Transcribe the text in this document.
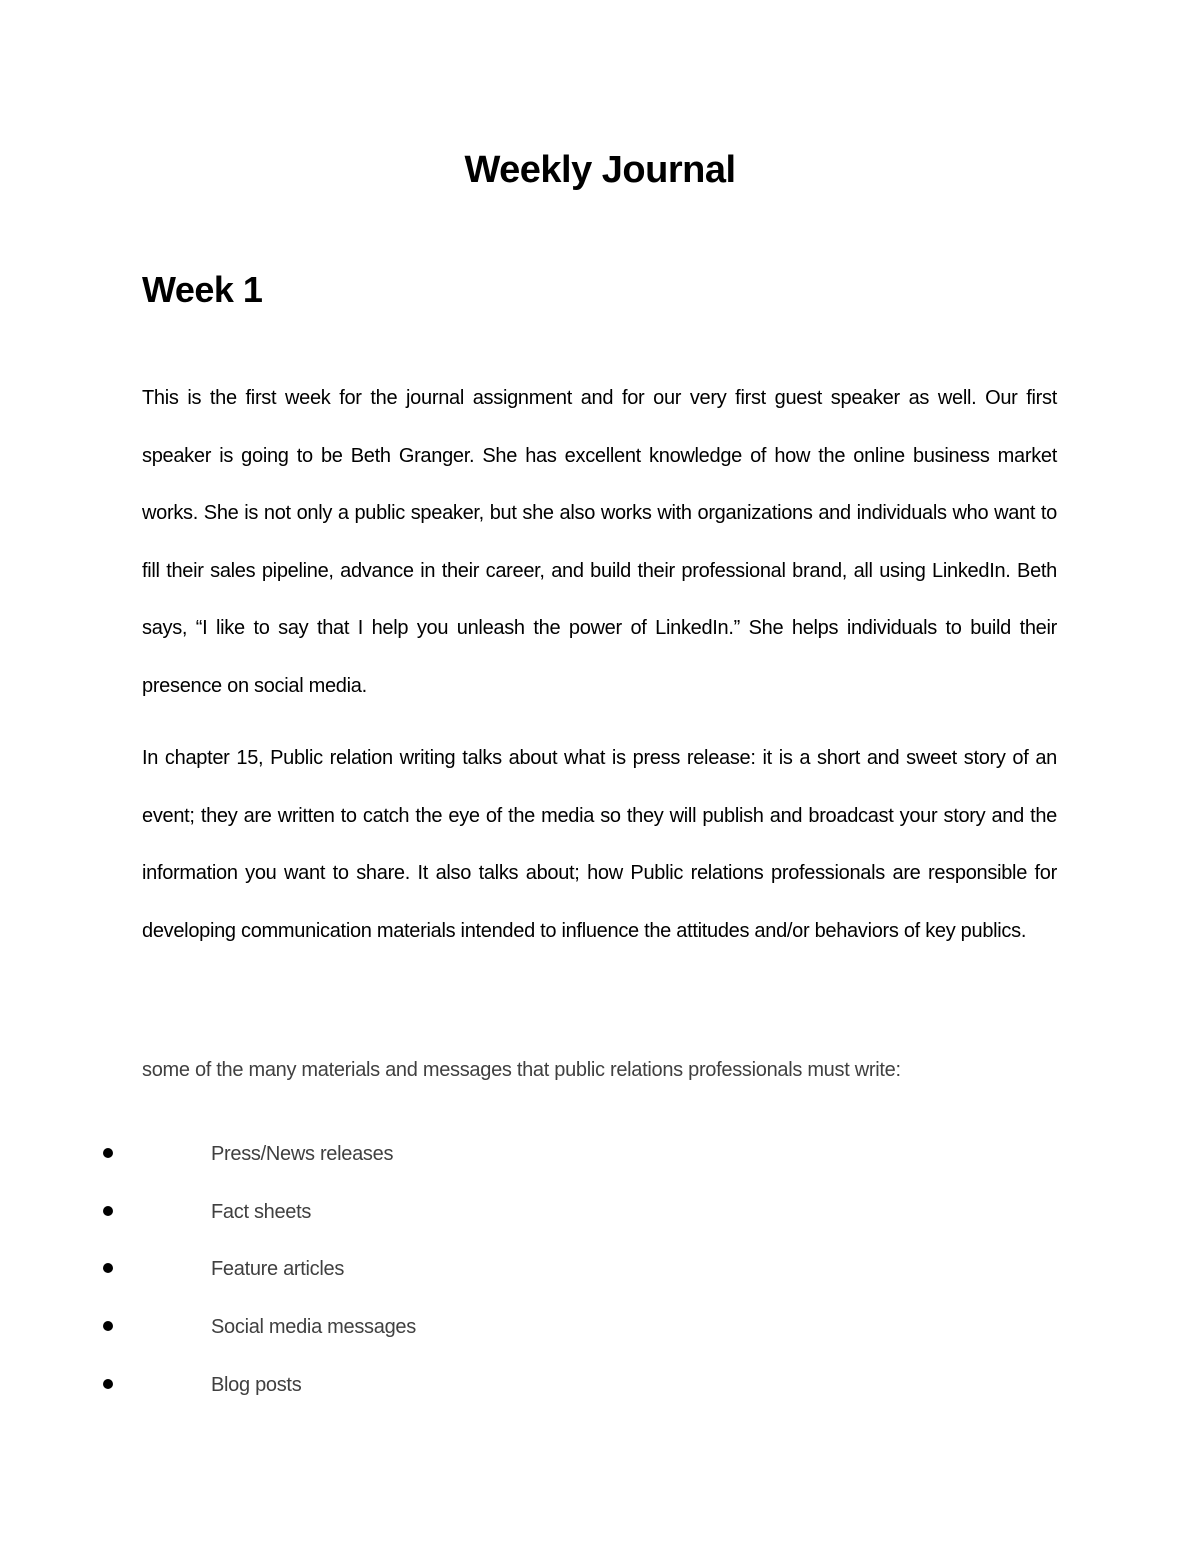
Weekly Journal
Week 1

This is the first week for the journal assignment and for our very first guest speaker as well. Our first speaker is going to be Beth Granger. She has excellent knowledge of how the online business market works. She is not only a public speaker, but she also works with organizations and individuals who want to fill their sales pipeline, advance in their career, and build their professional brand, all using LinkedIn. Beth says, “I like to say that I help you unleash the power of LinkedIn.” She helps individuals to build their presence on social media.

In chapter 15, Public relation writing talks about what is press release: it is a short and sweet story of an event; they are written to catch the eye of the media so they will publish and broadcast your story and the information you want to share. It also talks about; how Public relations professionals are responsible for developing communication materials intended to influence the attitudes and/or behaviors of key publics.

some of the many materials and messages that public relations professionals must write:
Press/News releases
Fact sheets
Feature articles
Social media messages
Blog posts
